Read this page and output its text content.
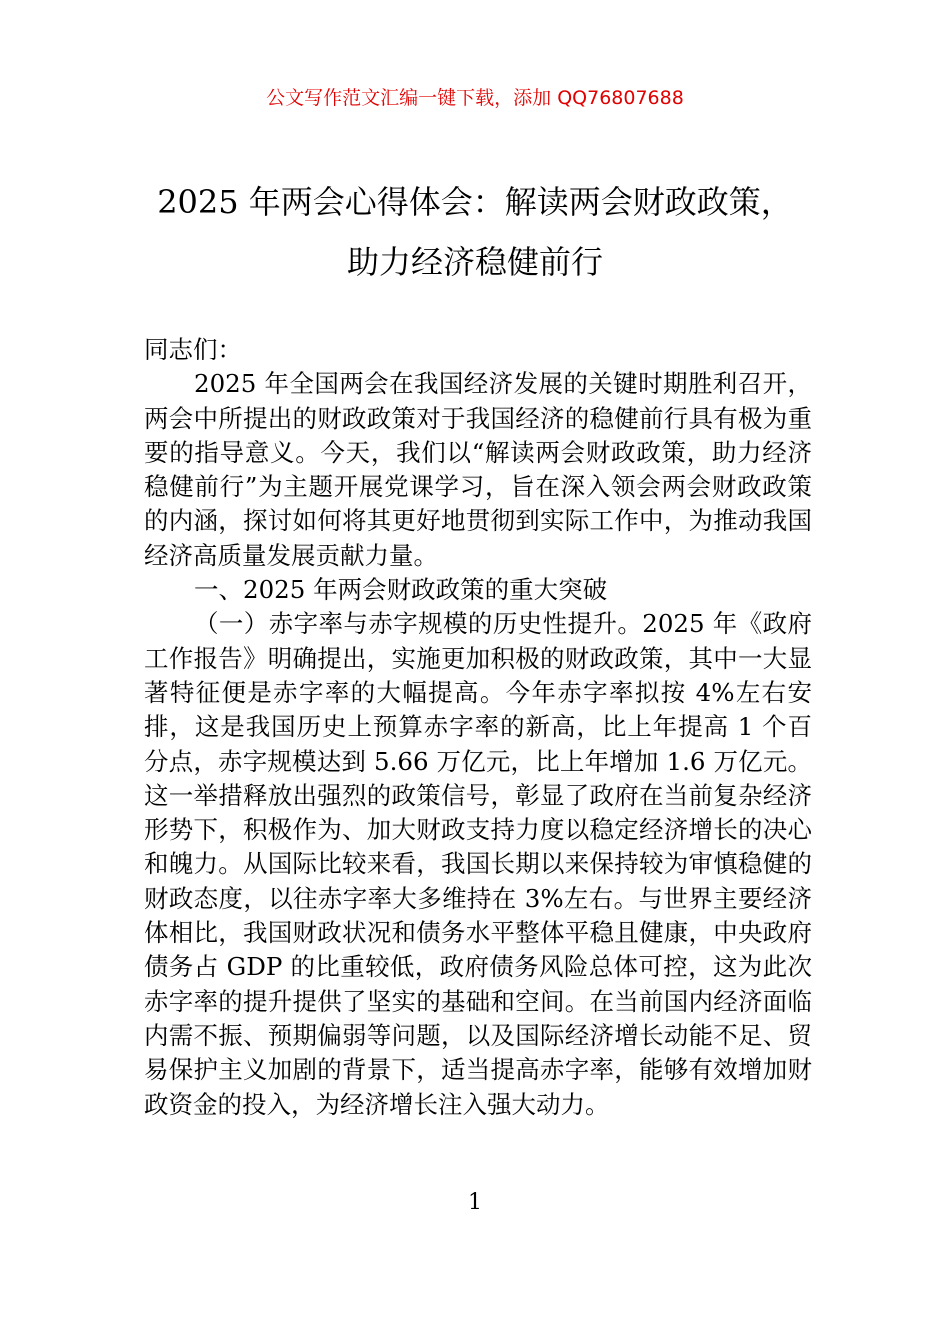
公文写作范文汇编一键下载，添加 QQ76807688
2025 年两会心得体会：解读两会财政政策，
助力经济稳健前行

同志们：

2025 年全国两会在我国经济发展的关键时期胜利召开，两会中所提出的财政政策对于我国经济的稳健前行具有极为重要的指导意义。今天，我们以“解读两会财政政策，助力经济稳健前行”为主题开展党课学习，旨在深入领会两会财政政策的内涵，探讨如何将其更好地贯彻到实际工作中，为推动我国经济高质量发展贡献力量。

一、2025 年两会财政政策的重大突破

（一）赤字率与赤字规模的历史性提升。2025 年《政府工作报告》明确提出，实施更加积极的财政政策，其中一大显著特征便是赤字率的大幅提高。今年赤字率拟按 4%左右安排，这是我国历史上预算赤字率的新高，比上年提高 1 个百分点，赤字规模达到 5.66 万亿元，比上年增加 1.6 万亿元。这一举措释放出强烈的政策信号，彰显了政府在当前复杂经济形势下，积极作为、加大财政支持力度以稳定经济增长的决心和魄力。从国际比较来看，我国长期以来保持较为审慎稳健的财政态度，以往赤字率大多维持在 3%左右。与世界主要经济体相比，我国财政状况和债务水平整体平稳且健康，中央政府债务占 GDP 的比重较低，政府债务风险总体可控，这为此次赤字率的提升提供了坚实的基础和空间。在当前国内经济面临内需不振、预期偏弱等问题，以及国际经济增长动能不足、贸易保护主义加剧的背景下，适当提高赤字率，能够有效增加财政资金的投入，为经济增长注入强大动力。

1
